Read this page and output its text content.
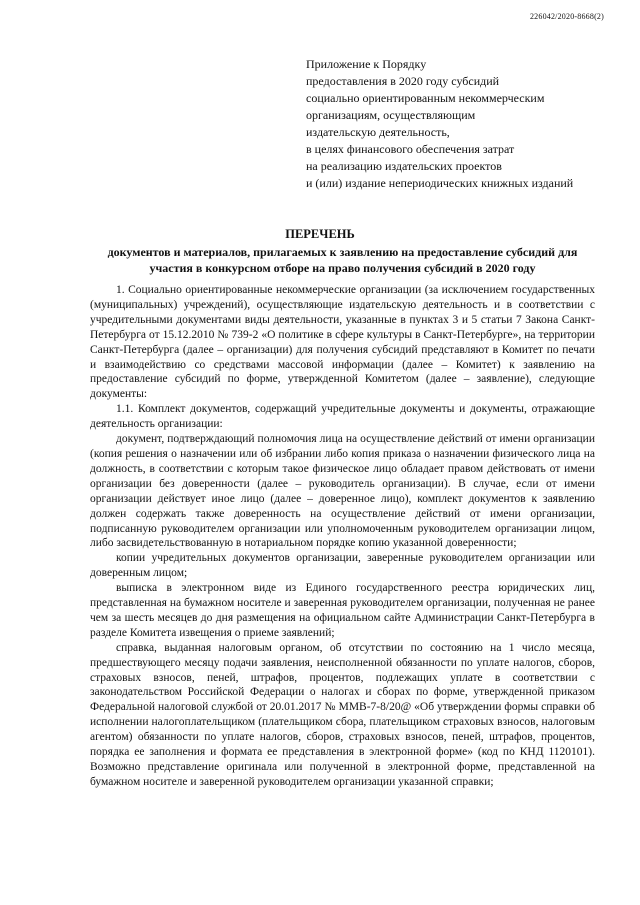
226042/2020-8668(2)
Приложение к Порядку
предоставления в 2020 году субсидий
социально ориентированным некоммерческим
организациям, осуществляющим
издательскую деятельность,
в целях финансового обеспечения затрат
на реализацию издательских проектов
и (или) издание непериодических книжных изданий
ПЕРЕЧЕНЬ
документов и материалов, прилагаемых к заявлению на предоставление субсидий для участия в конкурсном отборе на право получения субсидий в 2020 году

1. Социально ориентированные некоммерческие организации (за исключением государственных (муниципальных) учреждений), осуществляющие издательскую деятельность и в соответствии с учредительными документами виды деятельности, указанные в пунктах 3 и 5 статьи 7 Закона Санкт-Петербурга от 15.12.2010 № 739-2 «О политике в сфере культуры в Санкт-Петербурге», на территории Санкт-Петербурга (далее – организации) для получения субсидий представляют в Комитет по печати и взаимодействию со средствами массовой информации (далее – Комитет) к заявлению на предоставление субсидий по форме, утвержденной Комитетом (далее – заявление), следующие документы:

1.1. Комплект документов, содержащий учредительные документы и документы, отражающие деятельность организации:

документ, подтверждающий полномочия лица на осуществление действий от имени организации (копия решения о назначении или об избрании либо копия приказа о назначении физического лица на должность, в соответствии с которым такое физическое лицо обладает правом действовать от имени организации без доверенности (далее – руководитель организации). В случае, если от имени организации действует иное лицо (далее – доверенное лицо), комплект документов к заявлению должен содержать также доверенность на осуществление действий от имени организации, подписанную руководителем организации или уполномоченным руководителем организации лицом, либо засвидетельствованную в нотариальном порядке копию указанной доверенности;

копии учредительных документов организации, заверенные руководителем организации или доверенным лицом;

выписка в электронном виде из Единого государственного реестра юридических лиц, представленная на бумажном носителе и заверенная руководителем организации, полученная не ранее чем за шесть месяцев до дня размещения на официальном сайте Администрации Санкт-Петербурга в разделе Комитета извещения о приеме заявлений;

справка, выданная налоговым органом, об отсутствии по состоянию на 1 число месяца, предшествующего месяцу подачи заявления, неисполненной обязанности по уплате налогов, сборов, страховых взносов, пеней, штрафов, процентов, подлежащих уплате в соответствии с законодательством Российской Федерации о налогах и сборах по форме, утвержденной приказом Федеральной налоговой службой от 20.01.2017 № ММВ-7-8/20@ «Об утверждении формы справки об исполнении налогоплательщиком (плательщиком сбора, плательщиком страховых взносов, налоговым агентом) обязанности по уплате налогов, сборов, страховых взносов, пеней, штрафов, процентов, порядка ее заполнения и формата ее представления в электронной форме» (код по КНД 1120101). Возможно представление оригинала или полученной в электронной форме, представленной на бумажном носителе и заверенной руководителем организации указанной справки;
